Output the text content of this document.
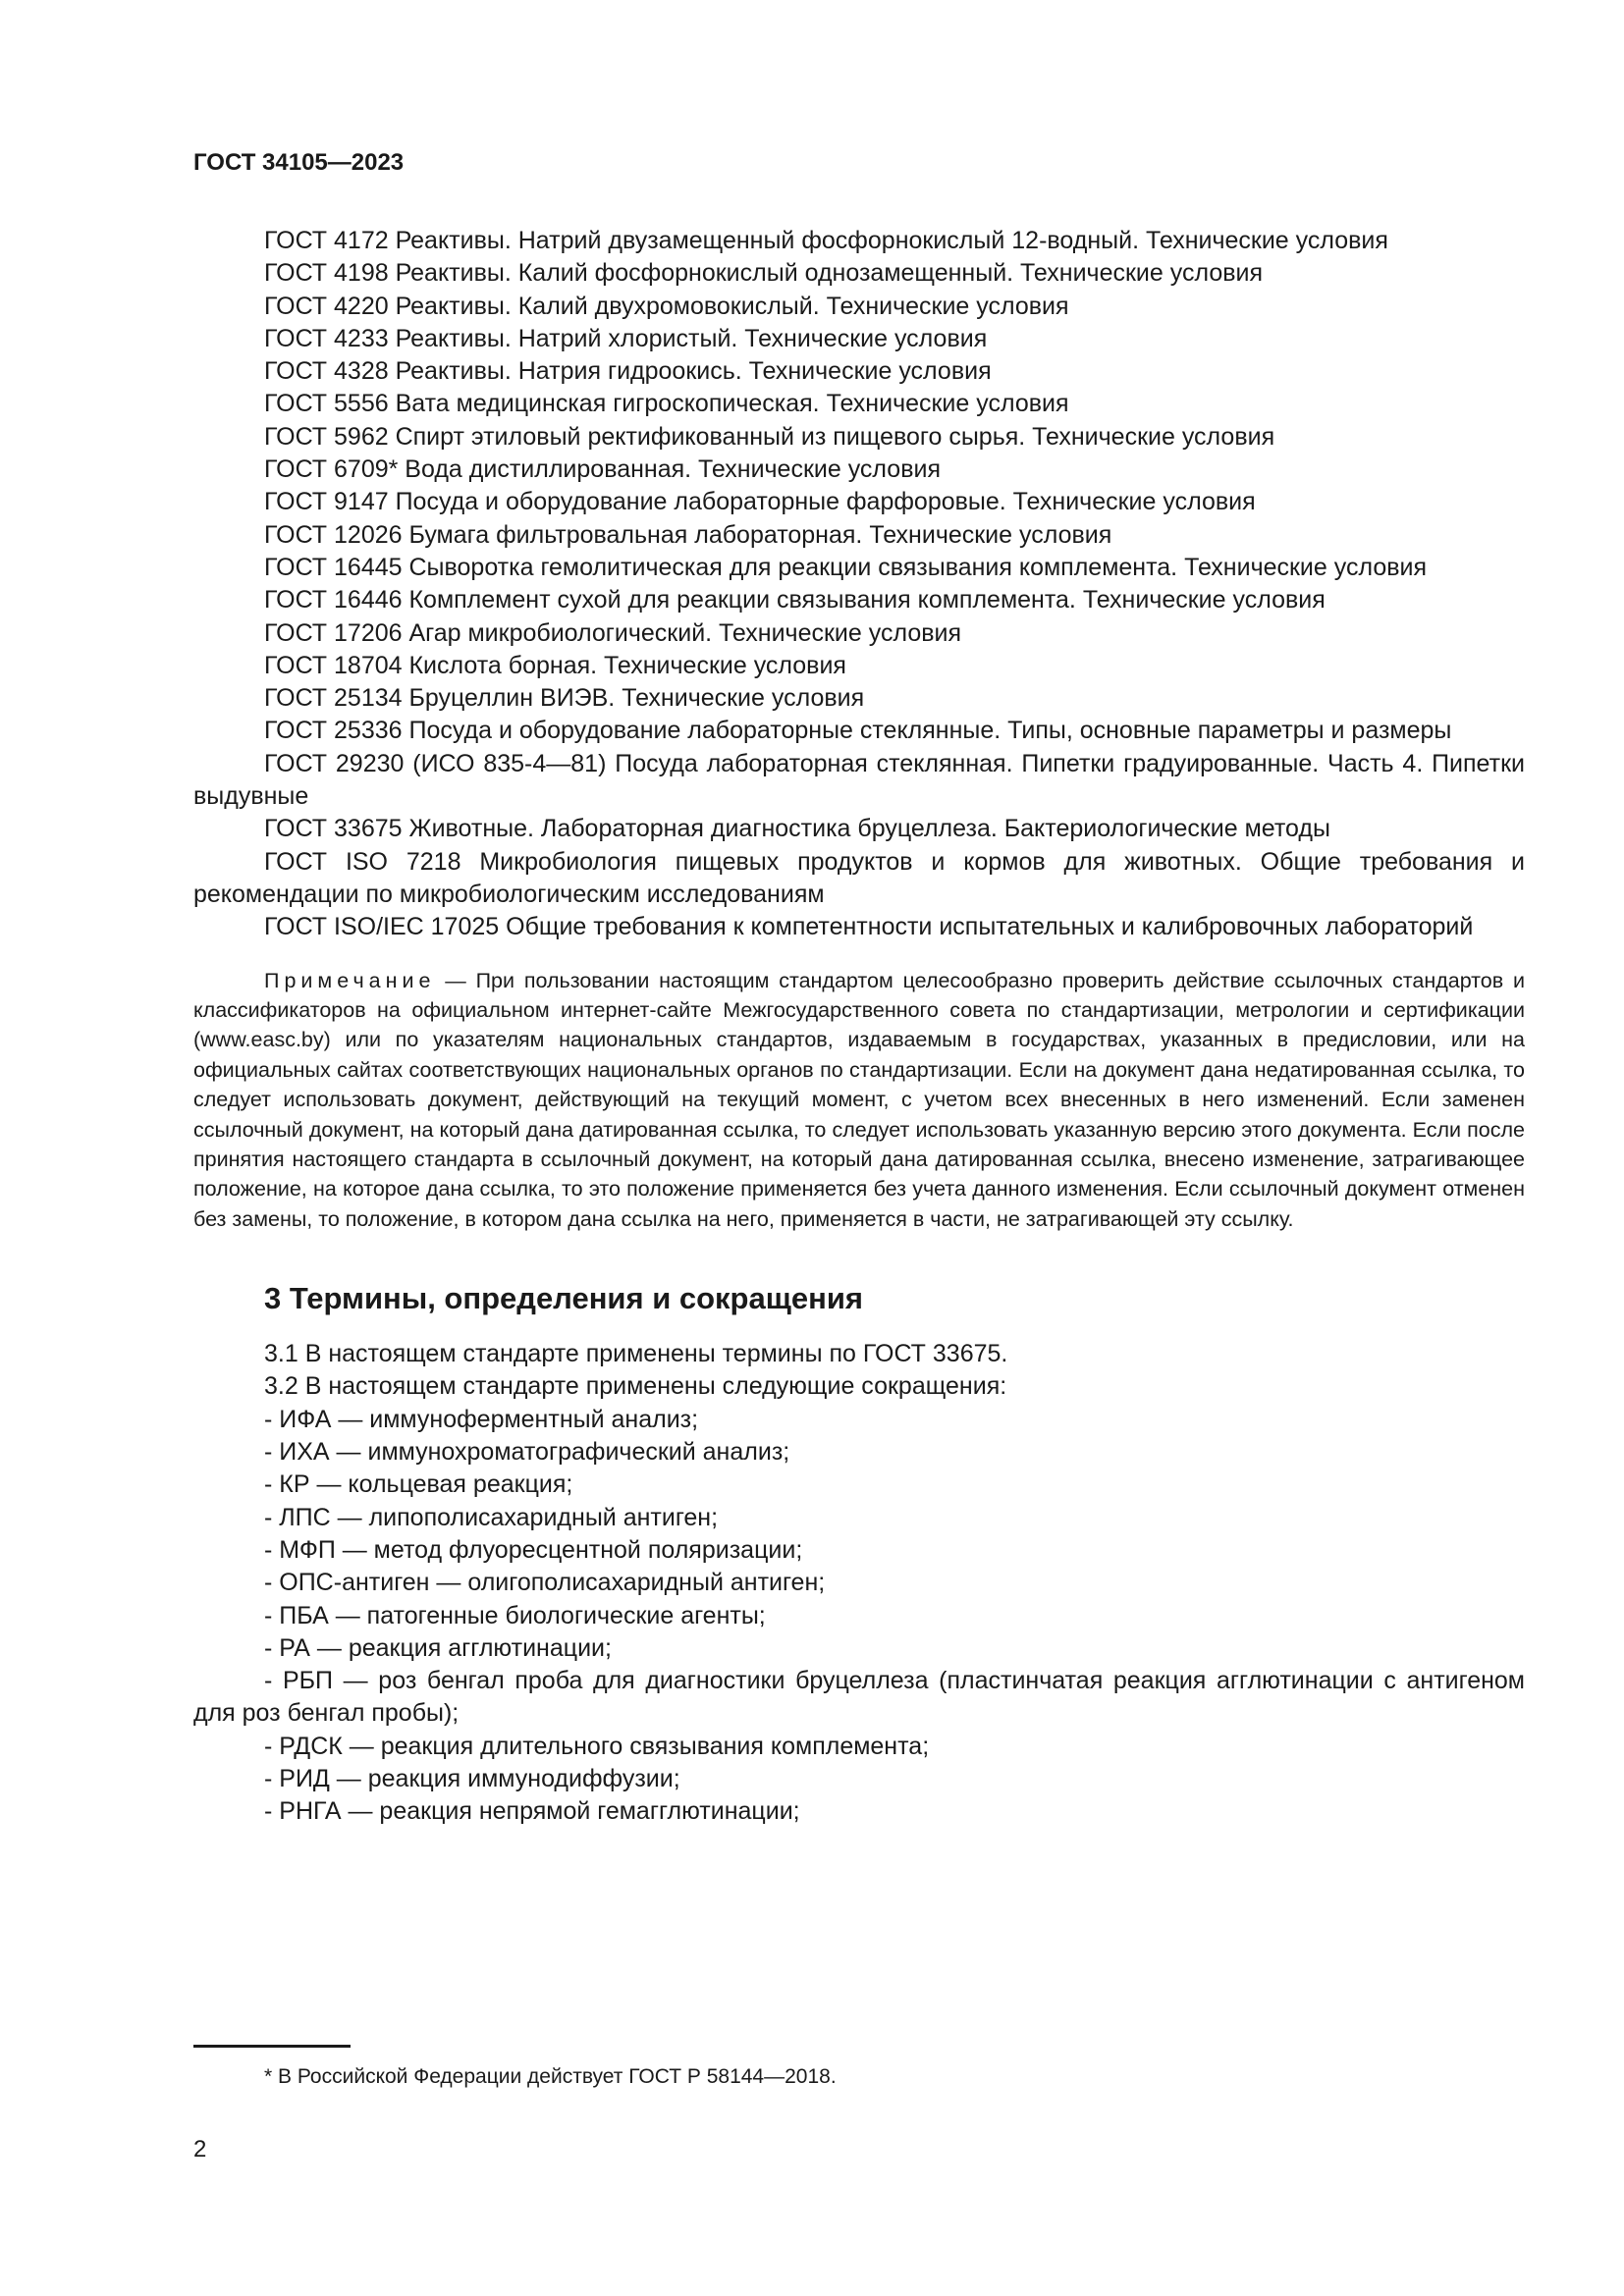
ГОСТ 34105—2023

ГОСТ 4172 Реактивы. Натрий двузамещенный фосфорнокислый 12-водный. Технические условия

ГОСТ 4198 Реактивы. Калий фосфорнокислый однозамещенный. Технические условия

ГОСТ 4220 Реактивы. Калий двухромовокислый. Технические условия

ГОСТ 4233 Реактивы. Натрий хлористый. Технические условия

ГОСТ 4328 Реактивы. Натрия гидроокись. Технические условия

ГОСТ 5556 Вата медицинская гигроскопическая. Технические условия

ГОСТ 5962 Спирт этиловый ректификованный из пищевого сырья. Технические условия

ГОСТ 6709* Вода дистиллированная. Технические условия

ГОСТ 9147 Посуда и оборудование лабораторные фарфоровые. Технические условия

ГОСТ 12026 Бумага фильтровальная лабораторная. Технические условия

ГОСТ 16445 Сыворотка гемолитическая для реакции связывания комплемента. Технические условия

ГОСТ 16446 Комплемент сухой для реакции связывания комплемента. Технические условия

ГОСТ 17206 Агар микробиологический. Технические условия

ГОСТ 18704 Кислота борная. Технические условия

ГОСТ 25134 Бруцеллин ВИЭВ. Технические условия

ГОСТ 25336 Посуда и оборудование лабораторные стеклянные. Типы, основные параметры и размеры

ГОСТ 29230 (ИСО 835-4—81) Посуда лабораторная стеклянная. Пипетки градуированные. Часть 4. Пипетки выдувные

ГОСТ 33675 Животные. Лабораторная диагностика бруцеллеза. Бактериологические методы

ГОСТ ISO 7218 Микробиология пищевых продуктов и кормов для животных. Общие требования и рекомендации по микробиологическим исследованиям

ГОСТ ISO/IEC 17025 Общие требования к компетентности испытательных и калибровочных лабораторий

Примечание — При пользовании настоящим стандартом целесообразно проверить действие ссылочных стандартов и классификаторов на официальном интернет-сайте Межгосударственного совета по стандартизации, метрологии и сертификации (www.easc.by) или по указателям национальных стандартов, издаваемым в государствах, указанных в предисловии, или на официальных сайтах соответствующих национальных органов по стандартизации. Если на документ дана недатированная ссылка, то следует использовать документ, действующий на текущий момент, с учетом всех внесенных в него изменений. Если заменен ссылочный документ, на который дана датированная ссылка, то следует использовать указанную версию этого документа. Если после принятия настоящего стандарта в ссылочный документ, на который дана датированная ссылка, внесено изменение, затрагивающее положение, на которое дана ссылка, то это положение применяется без учета данного изменения. Если ссылочный документ отменен без замены, то положение, в котором дана ссылка на него, применяется в части, не затрагивающей эту ссылку.

3 Термины, определения и сокращения

3.1 В настоящем стандарте применены термины по ГОСТ 33675.

3.2 В настоящем стандарте применены следующие сокращения:

- ИФА — иммуноферментный анализ;

- ИХА — иммунохроматографический анализ;

- КР — кольцевая реакция;

- ЛПС — липополисахаридный антиген;

- МФП — метод флуоресцентной поляризации;

- ОПС-антиген — олигополисахаридный антиген;

- ПБА — патогенные биологические агенты;

- РА — реакция агглютинации;

- РБП — роз бенгал проба для диагностики бруцеллеза (пластинчатая реакция агглютинации с антигеном для роз бенгал пробы);

- РДСК — реакция длительного связывания комплемента;

- РИД — реакция иммунодиффузии;

- РНГА — реакция непрямой гемагглютинации;

* В Российской Федерации действует ГОСТ Р 58144—2018.
2
